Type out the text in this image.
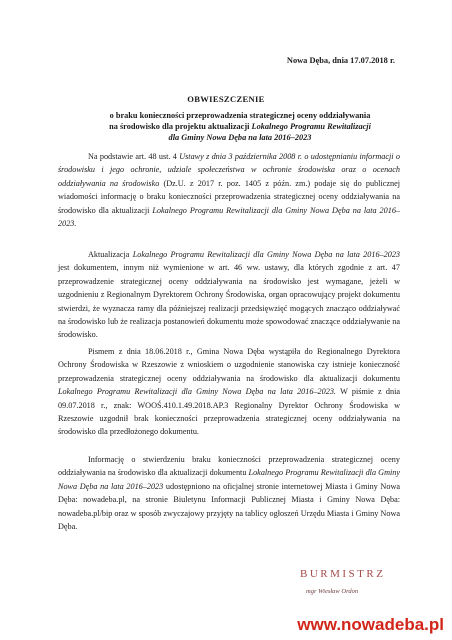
Nowa Dęba, dnia 17.07.2018 r.
OBWIESZCZENIE
o braku konieczności przeprowadzenia strategicznej oceny oddziaływania
na środowisko dla projektu aktualizacji Lokalnego Programu Rewitalizacji
dla Gminy Nowa Dęba na lata 2016–2023
Na podstawie art. 48 ust. 4 Ustawy z dnia 3 października 2008 r. o udostępnianiu informacji o środowisku i jego ochronie, udziale społeczeństwa w ochronie środowiska oraz o ocenach oddziaływania na środowisko (Dz.U. z 2017 r. poz. 1405 z późn. zm.) podaje się do publicznej wiadomości informację o braku konieczności przeprowadzenia strategicznej oceny oddziaływania na środowisko dla aktualizacji Lokalnego Programu Rewitalizacji dla Gminy Nowa Dęba na lata 2016–2023.
Aktualizacja Lokalnego Programu Rewitalizacji dla Gminy Nowa Dęba na lata 2016–2023 jest dokumentem, innym niż wymienione w art. 46 ww. ustawy, dla których zgodnie z art. 47 przeprowadzenie strategicznej oceny oddziaływania na środowisko jest wymagane, jeżeli w uzgodnieniu z Regionalnym Dyrektorem Ochrony Środowiska, organ opracowujący projekt dokumentu stwierdzi, że wyznacza ramy dla późniejszej realizacji przedsięwzięć mogących znacząco oddziaływać na środowisko lub że realizacja postanowień dokumentu może spowodować znaczące oddziaływanie na środowisko.
Pismem z dnia 18.06.2018 r., Gmina Nowa Dęba wystąpiła do Regionalnego Dyrektora Ochrony Środowiska w Rzeszowie z wnioskiem o uzgodnienie stanowiska czy istnieje konieczność przeprowadzenia strategicznej oceny oddziaływania na środowisko dla aktualizacji dokumentu Lokalnego Programu Rewitalizacji dla Gminy Nowa Dęba na lata 2016–2023. W piśmie z dnia 09.07.2018 r., znak: WOOŚ.410.1.49.2018.AP.3 Regionalny Dyrektor Ochrony Środowiska w Rzeszowie uzgodnił brak konieczności przeprowadzenia strategicznej oceny oddziaływania na środowisko dla przedłożonego dokumentu.
Informację o stwierdzeniu braku konieczności przeprowadzenia strategicznej oceny oddziaływania na środowisko dla aktualizacji dokumentu Lokalnego Programu Rewitalizacji dla Gminy Nowa Dęba na lata 2016–2023 udostępniono na oficjalnej stronie internetowej Miasta i Gminy Nowa Dęba: nowadeba.pl, na stronie Biuletynu Informacji Publicznej Miasta i Gminy Nowa Dęba: nowadeba.pl/bip oraz w sposób zwyczajowy przyjęty na tablicy ogłoszeń Urzędu Miasta i Gminy Nowa Dęba.
BURMISTRZ
mgr Wiesław Ordon
www.nowadeba.pl
